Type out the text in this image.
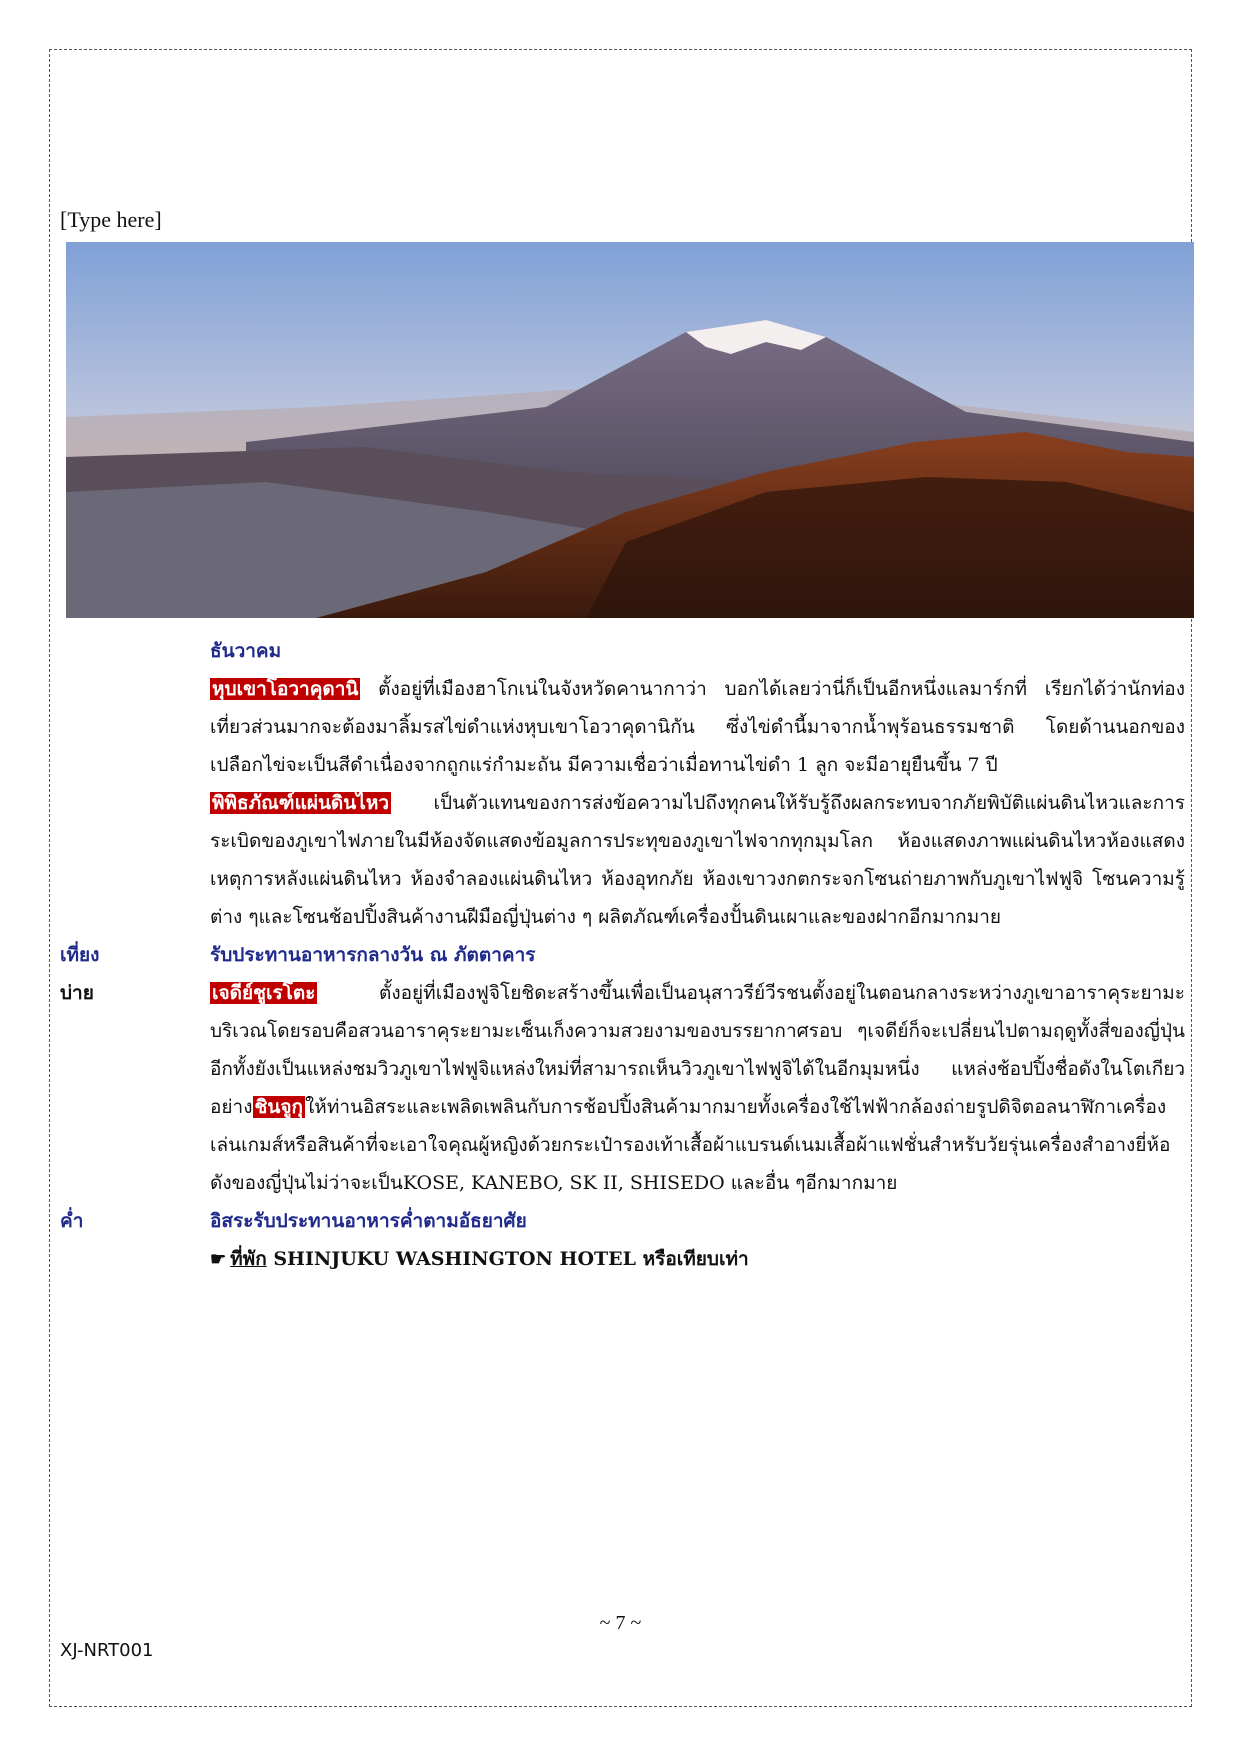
[Type here]
ธันวาคม
หุบเขาโอวาคุดานิ ตั้งอยู่ที่เมืองฮาโกเน่ในจังหวัดคานากาว่า บอกได้เลยว่านี่ก็เป็นอีกหนึ่งแลมาร์กที่ เรียกได้ว่านักท่องเที่ยวส่วนมากจะต้องมาลิ้มรสไข่ดำแห่งหุบเขาโอวาคุดานิกัน ซึ่งไข่ดำนี้มาจากน้ำพุร้อนธรรมชาติ โดยด้านนอกของเปลือกไข่จะเป็นสีดำเนื่องจากถูกแร่กำมะถัน มีความเชื่อว่าเมื่อทานไข่ดำ 1 ลูก จะมีอายุยืนขึ้น 7 ปี
พิพิธภัณฑ์แผ่นดินไหว เป็นตัวแทนของการส่งข้อความไปถึงทุกคนให้รับรู้ถึงผลกระทบจากภัยพิบัติแผ่นดินไหวและการระเบิดของภูเขาไฟภายในมีห้องจัดแสดงข้อมูลการประทุของภูเขาไฟจากทุกมุมโลก ห้องแสดงภาพแผ่นดินไหวห้องแสดงเหตุการหลังแผ่นดินไหว ห้องจำลองแผ่นดินไหว ห้องอุทกภัย ห้องเขาวงกตกระจกโซนถ่ายภาพกับภูเขาไฟฟูจิ โซนความรู้ต่าง ๆและโซนช้อปปิ้งสินค้างานฝีมือญี่ปุ่นต่าง ๆ ผลิตภัณฑ์เครื่องปั้นดินเผาและของฝากอีกมากมาย
เที่ยง	รับประทานอาหารกลางวัน ณ ภัตตาคาร
บ่าย	เจดีย์ชูเรโตะ ตั้งอยู่ที่เมืองฟูจิโยชิดะสร้างขึ้นเพื่อเป็นอนุสาวรีย์วีรชนตั้งอยู่ในตอนกลางระหว่างภูเขาอาราคุระยามะบริเวณโดยรอบคือสวนอาราคุระยามะเซ็นเก็งความสวยงามของบรรยากาศรอบ ๆเจดีย์ก็จะเปลี่ยนไปตามฤดูทั้งสี่ของญี่ปุ่นอีกทั้งยังเป็นแหล่งชมวิวภูเขาไฟฟูจิแหล่งใหม่ที่สามารถเห็นวิวภูเขาไฟฟูจิได้ในอีกมุมหนึ่ง แหล่งช้อปปิ้งชื่อดังในโตเกียวอย่าง ชินจูกุ ให้ท่านอิสระและเพลิดเพลินกับการช้อปปิ้งสินค้ามากมายทั้งเครื่องใช้ไฟฟ้ากล้องถ่ายรูปดิจิตอลนาฬิกาเครื่องเล่นเกมส์หรือสินค้าที่จะเอาใจคุณผู้หญิงด้วยกระเป๋ารองเท้าเสื้อผ้าแบรนด์เนมเสื้อผ้าแฟชั่นสำหรับวัยรุ่นเครื่องสำอางยี่ห้อดังของญี่ปุ่นไม่ว่าจะเป็นKOSE, KANEBO, SK II, SHISEDO และอื่น ๆอีกมากมาย
ค่ำ	อิสระรับประทานอาหารค่ำตามอัธยาศัย
☛ ที่พัก SHINJUKU WASHINGTON HOTEL หรือเทียบเท่า
~ 7 ~
XJ-NRT001
